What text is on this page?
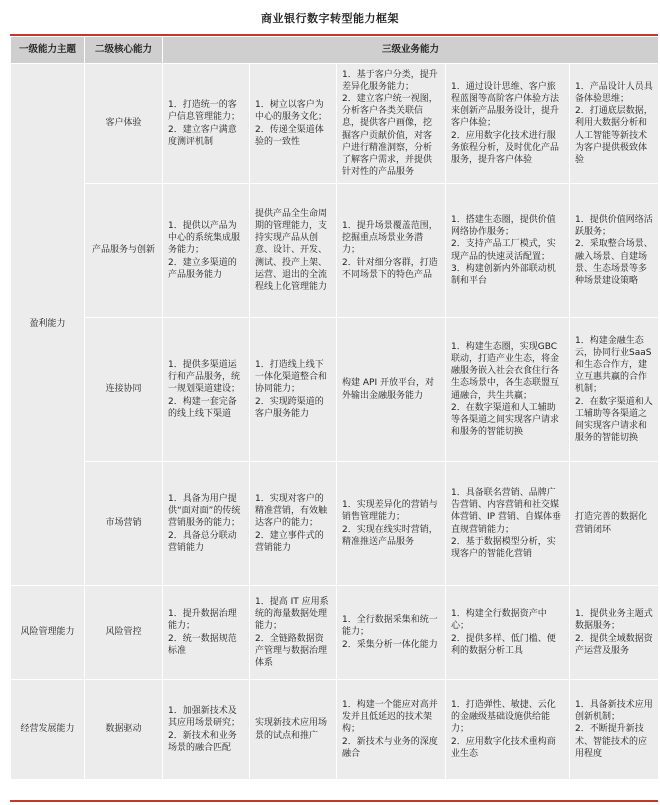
商业银行数字转型能力框架
一级能力主题	二级核心能力	三级业务能力				
盈利能力	客户体验	1．打造统一的客户信息管理能力；
2．建立客户满意度测评机制	1．树立以客户为中心的服务文化；
2．传递全渠道体验的一致性	1．基于客户分类，提升差异化服务能力；
2．建立客户统一视图，分析客户各类关联信息，提供客户画像，挖掘客户贡献价值，对客户进行精准洞察，分析了解客户需求，并提供针对性的产品服务	1．通过设计思维、客户旅程蓝图等高阶客户体验方法来创新产品服务设计，提升客户体验；
2．应用数字化技术进行服务旅程分析，及时优化产品服务，提升客户体验	1．产品设计人员具备体验思维；
2．打通底层数据，利用大数据分析和人工智能等新技术为客户提供极致体验

	产品服务与创新	1．提供以产品为中心的系统集成服务能力；
2．建立多渠道的产品服务能力	提供产品全生命周期的管理能力，支持实现产品从创意、设计、开发、测试、投产上架、运营、退出的全流程线上化管理能力	1．提升场景覆盖范围，挖掘重点场景业务潜力；
2．针对细分客群，打造不同场景下的特色产品	1．搭建生态圈，提供价值网络协作服务；
2．支持产品工厂模式，实现产品的快速灵活配置；
3．构建创新内外部联动机制和平台	1．提供价值网络活跃服务；
2．采取整合场景、融入场景、自建场景、生态场景等多种场景建设策略

	连接协同	1．提供多渠道运行和产品服务，统一规划渠道建设；
2．构建一套完备的线上线下渠道	1．打造线上线下一体化渠道整合和协同能力；
2．实现跨渠道的客户服务能力	构建 API 开放平台，对外输出金融服务能力	1．构建生态圈，实现GBC联动，打造产业生态，将金融服务嵌入社会衣食住行各生态场景中，各生态联盟互通融合，共生共赢；
2．在数字渠道和人工辅助等各渠道之间实现客户请求和服务的智能切换	1．构建金融生态云，协同行业SaaS 和生态合作方，建立互惠共赢的合作机制；
2．在数字渠道和人工辅助等各渠道之间实现客户请求和服务的智能切换

	市场营销	1．具备为用户提供“面对面”的传统营销服务的能力；
2．具备总分联动营销能力	1．实现对客户的精准营销，有效触达客户的能力；
2．建立事件式的营销能力	1．实现差异化的营销与销售管理能力；
2．实现在线实时营销，精准推送产品服务	1．具备联名营销、品牌广告营销、内容营销和社交媒体营销、IP 营销、自媒体垂直规营销能力；
2．基于数据模型分析，实现客户的智能化营销	打造完善的数据化营销闭环

风险管理能力	风险管控	1．提升数据治理能力；
2．统一数据规范标准	1．提高 IT 应用系统的海量数据处理能力；
2．全链路数据资产管理与数据治理体系	1．全行数据采集和统一能力；
2．采集分析一体化能力	1．构建全行数据资产中心；
2．提供多样、低门槛、便利的数据分析工具	1．提供业务主题式数据服务；
2．提供全域数据资产运营及服务

经营发展能力	数据驱动	1．加强新技术及其应用场景研究；
2．新技术和业务场景的融合匹配	实现新技术应用场景的试点和推广	1．构建一个能应对高并发并且低延迟的技术架构；
2．新技术与业务的深度融合	1．打造弹性、敏捷、云化的金融级基础设施供给能力；
2．应用数字化技术重构商业生态	1．具备新技术应用创新机制；
2．不断提升新技术、智能技术的应用程度
